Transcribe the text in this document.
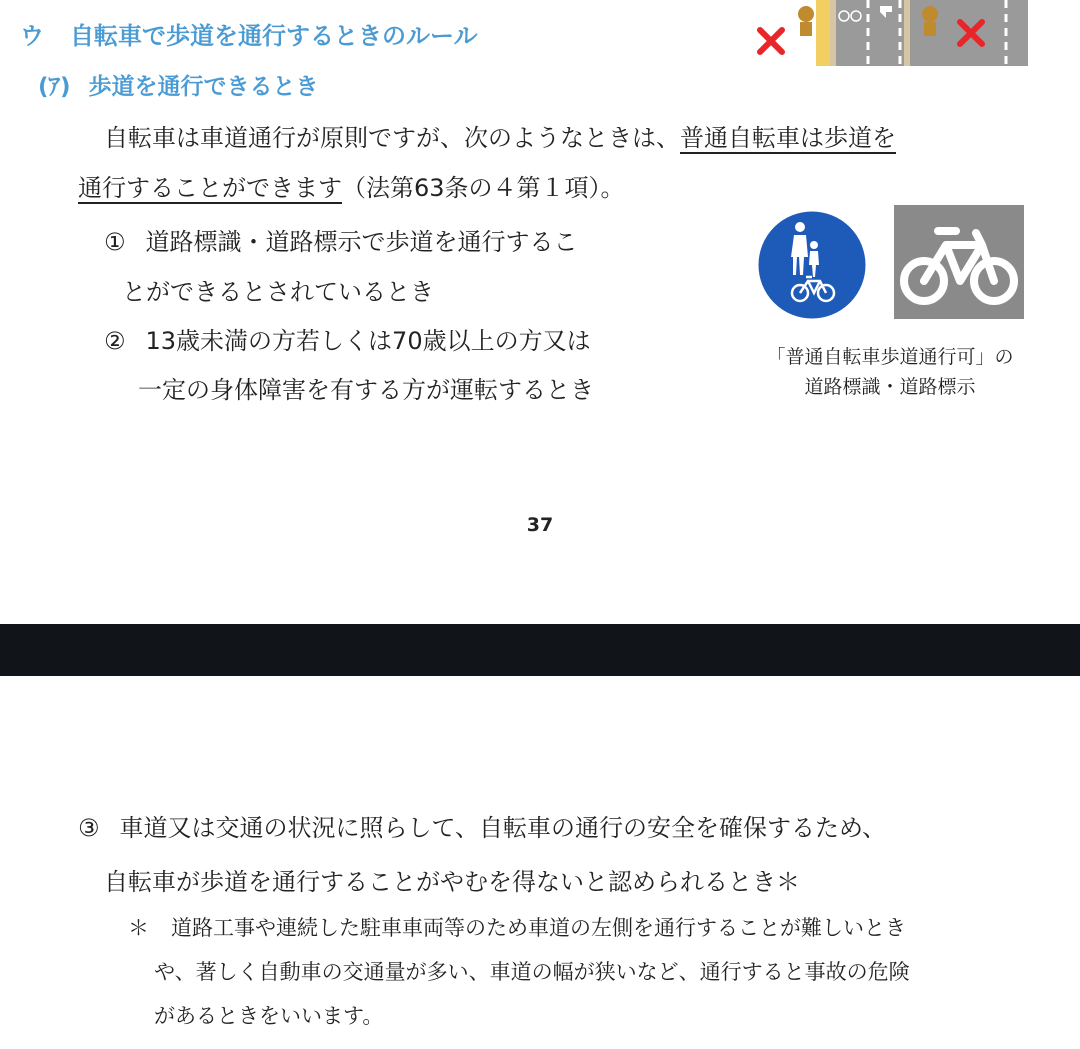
ウ 自転車で歩道を通行するときのルール
(ｱ) 歩道を通行できるとき
自転車は車道通行が原則ですが、次のようなときは、普通自転車は歩道を
通行することができます（法第63条の４第１項）。
① 道路標識・道路標示で歩道を通行するこ
とができるとされているとき
② 13歳未満の方若しくは70歳以上の方又は
一定の身体障害を有する方が運転するとき
「普通自転車歩道通行可」の
道路標識・道路標示
37
③ 車道又は交通の状況に照らして、自転車の通行の安全を確保するため、
自転車が歩道を通行することがやむを得ないと認められるとき＊
＊ 道路工事や連続した駐車車両等のため車道の左側を通行することが難しいとき
や、著しく自動車の交通量が多い、車道の幅が狭いなど、通行すると事故の危険
があるときをいいます。
